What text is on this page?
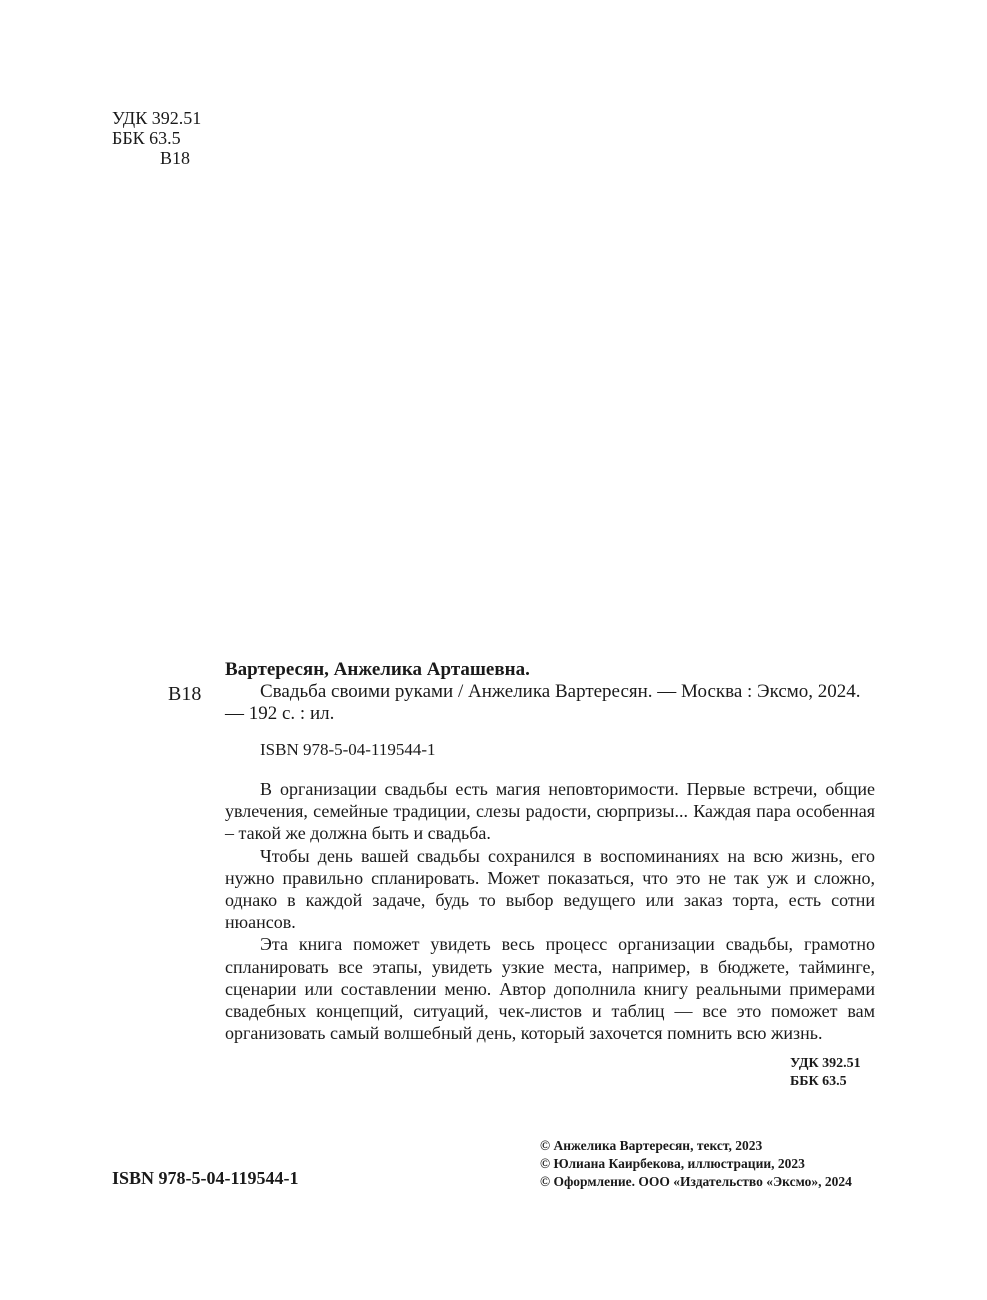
УДК 392.51
ББК 63.5
В18
В18
Вартересян, Анжелика Арташевна.
Свадьба своими руками / Анжелика Вартересян. — Москва : Эксмо, 2024. — 192 с. : ил.
ISBN 978-5-04-119544-1

В организации свадьбы есть магия неповторимости. Первые встречи, общие увлечения, семейные традиции, слезы радости, сюрпризы... Каждая пара особенная – такой же должна быть и свадьба.

Чтобы день вашей свадьбы сохранился в воспоминаниях на всю жизнь, его нужно правильно спланировать. Может показаться, что это не так уж и сложно, однако в каждой задаче, будь то выбор ведущего или заказ торта, есть сотни нюансов.

Эта книга поможет увидеть весь процесс организации свадьбы, грамотно спланировать все этапы, увидеть узкие места, например, в бюджете, тайминге, сценарии или составлении меню. Автор дополнила книгу реальными примерами свадебных концепций, ситуаций, чек-листов и таблиц — все это поможет вам организовать самый волшебный день, который захочется помнить всю жизнь.

УДК 392.51
ББК 63.5
ISBN 978-5-04-119544-1
© Анжелика Вартересян, текст, 2023
© Юлиана Каирбекова, иллюстрации, 2023
© Оформление. ООО «Издательство «Эксмо», 2024
